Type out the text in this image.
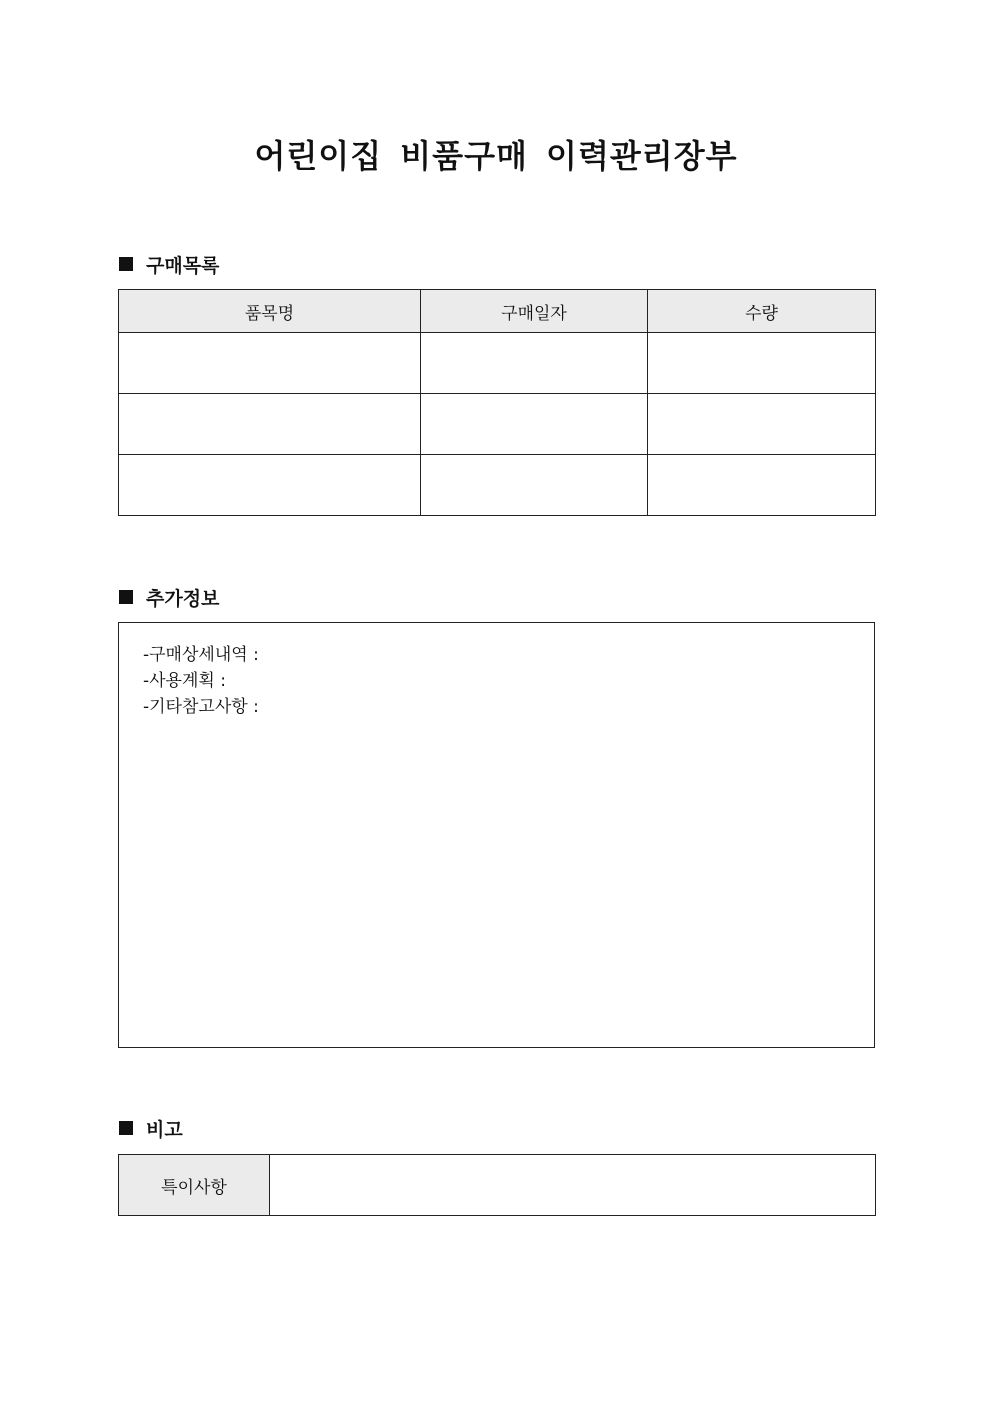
어린이집 비품구매 이력관리장부
구매목록
품목명	구매일자	수량

추가정보
-구매상세내역 :
-사용계획 :
-기타참고사항 :
비고
특이사항	
